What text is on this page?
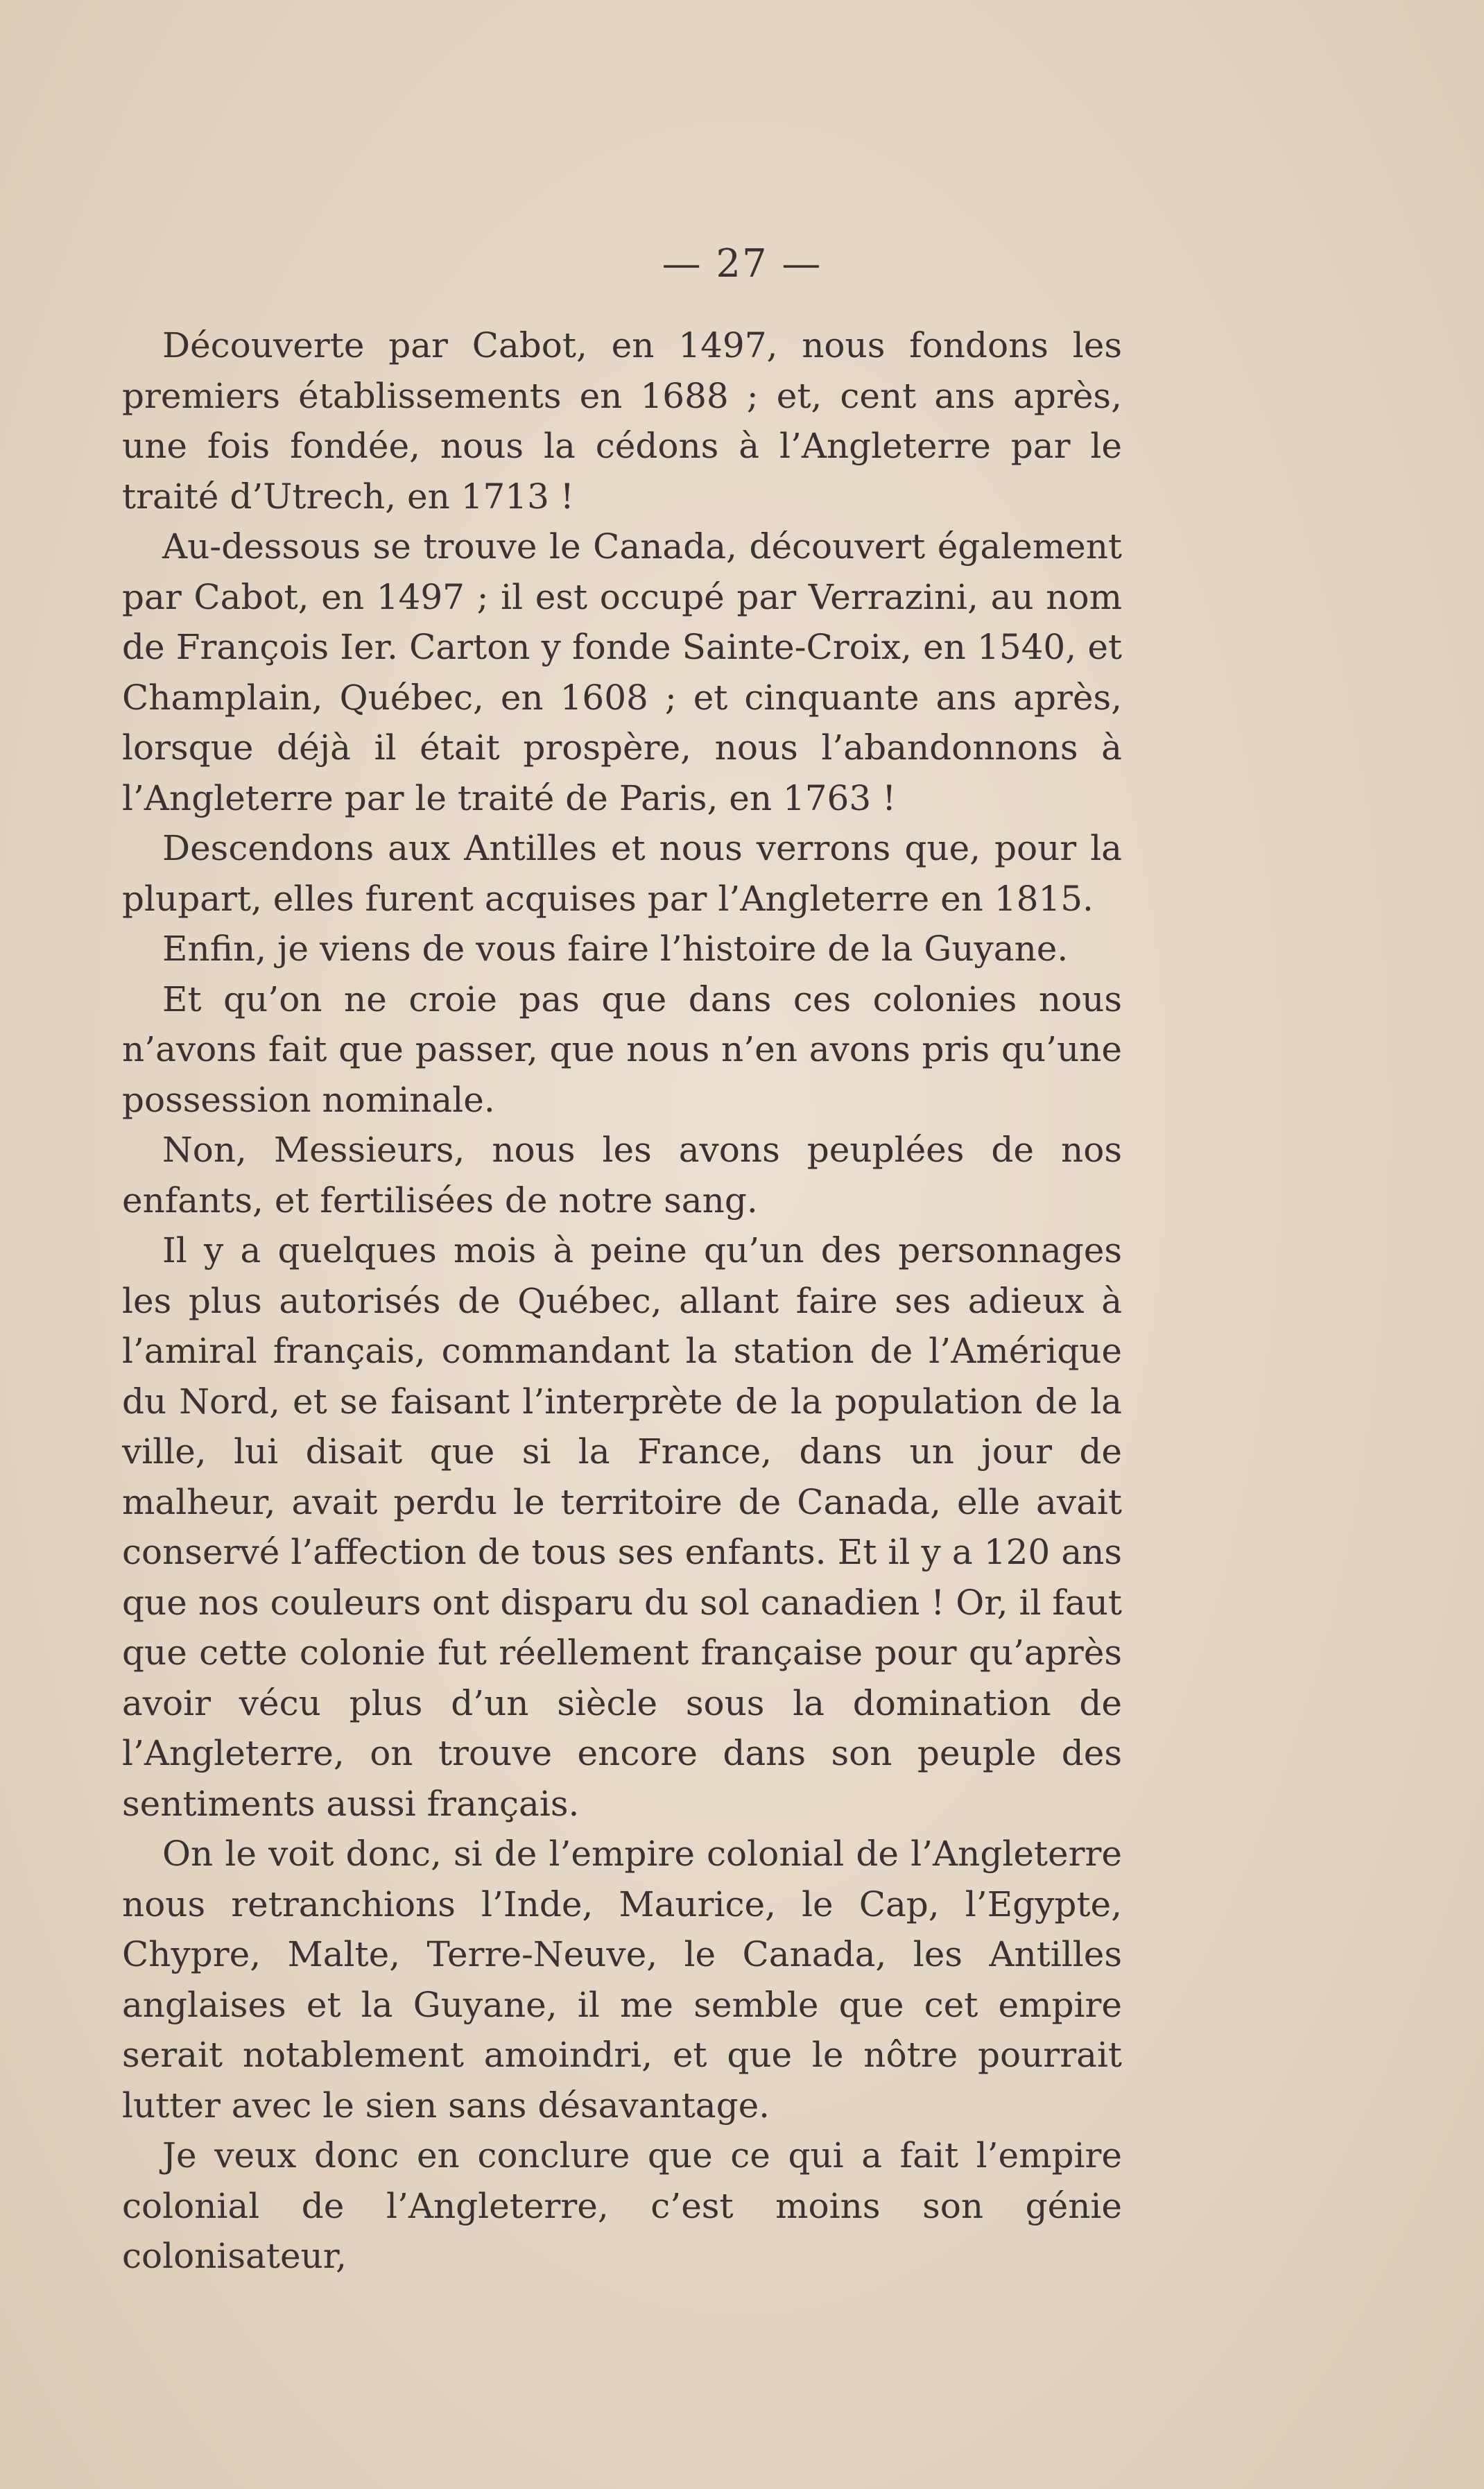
— 27 —

Découverte par Cabot, en 1497, nous fondons les premiers établissements en 1688 ; et, cent ans après, une fois fondée, nous la cédons à l’Angleterre par le traité d’Utrech, en 1713 !

Au-dessous se trouve le Canada, découvert également par Cabot, en 1497 ; il est occupé par Verrazini, au nom de François Ier. Carton y fonde Sainte-Croix, en 1540, et Champlain, Québec, en 1608 ; et cinquante ans après, lorsque déjà il était prospère, nous l’abandonnons à l’Angleterre par le traité de Paris, en 1763 !

Descendons aux Antilles et nous verrons que, pour la plupart, elles furent acquises par l’Angleterre en 1815.

Enfin, je viens de vous faire l’histoire de la Guyane.

Et qu’on ne croie pas que dans ces colonies nous n’avons fait que passer, que nous n’en avons pris qu’une possession nominale.

Non, Messieurs, nous les avons peuplées de nos enfants, et fertilisées de notre sang.

Il y a quelques mois à peine qu’un des personnages les plus autorisés de Québec, allant faire ses adieux à l’amiral français, commandant la station de l’Amérique du Nord, et se faisant l’interprète de la population de la ville, lui disait que si la France, dans un jour de malheur, avait perdu le territoire de Canada, elle avait conservé l’affection de tous ses enfants. Et il y a 120 ans que nos couleurs ont disparu du sol canadien ! Or, il faut que cette colonie fut réellement française pour qu’après avoir vécu plus d’un siècle sous la domination de l’Angleterre, on trouve encore dans son peuple des sentiments aussi français.

On le voit donc, si de l’empire colonial de l’Angleterre nous retranchions l’Inde, Maurice, le Cap, l’Egypte, Chypre, Malte, Terre-Neuve, le Canada, les Antilles anglaises et la Guyane, il me semble que cet empire serait notablement amoindri, et que le nôtre pourrait lutter avec le sien sans désavantage.

Je veux donc en conclure que ce qui a fait l’empire colonial de l’Angleterre, c’est moins son génie colonisateur,
